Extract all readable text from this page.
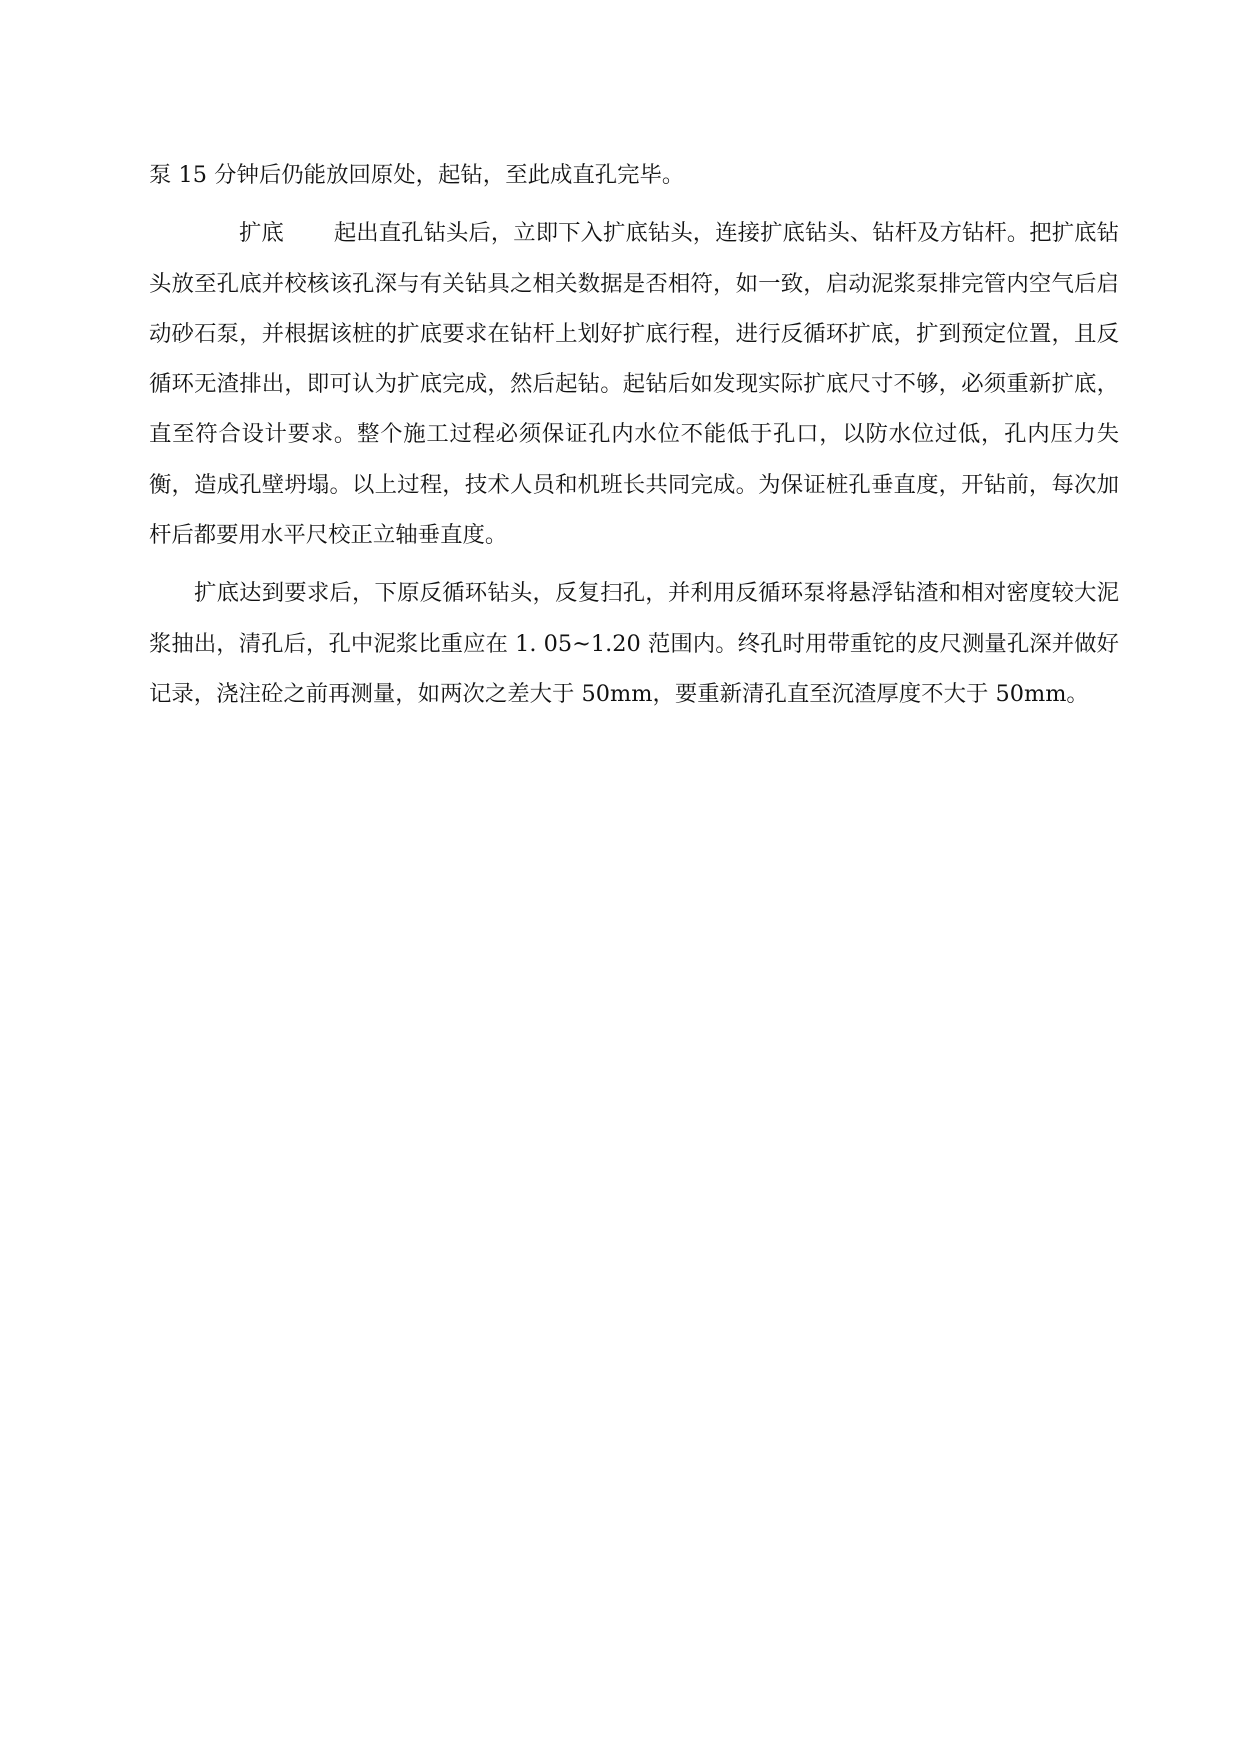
泵 15 分钟后仍能放回原处，起钻，至此成直孔完毕。

扩底 起出直孔钻头后，立即下入扩底钻头，连接扩底钻头、钻杆及方钻杆。把扩底钻头放至孔底并校核该孔深与有关钻具之相关数据是否相符，如一致，启动泥浆泵排完管内空气后启动砂石泵，并根据该桩的扩底要求在钻杆上划好扩底行程，进行反循环扩底，扩到预定位置，且反循环无渣排出，即可认为扩底完成，然后起钻。起钻后如发现实际扩底尺寸不够，必须重新扩底，直至符合设计要求。整个施工过程必须保证孔内水位不能低于孔口，以防水位过低，孔内压力失衡，造成孔壁坍塌。以上过程，技术人员和机班长共同完成。为保证桩孔垂直度，开钻前，每次加杆后都要用水平尺校正立轴垂直度。

扩底达到要求后，下原反循环钻头，反复扫孔，并利用反循环泵将悬浮钻渣和相对密度较大泥浆抽出，清孔后，孔中泥浆比重应在 1. 05~1.20 范围内。终孔时用带重铊的皮尺测量孔深并做好记录，浇注砼之前再测量，如两次之差大于 50mm，要重新清孔直至沉渣厚度不大于 50mm。
